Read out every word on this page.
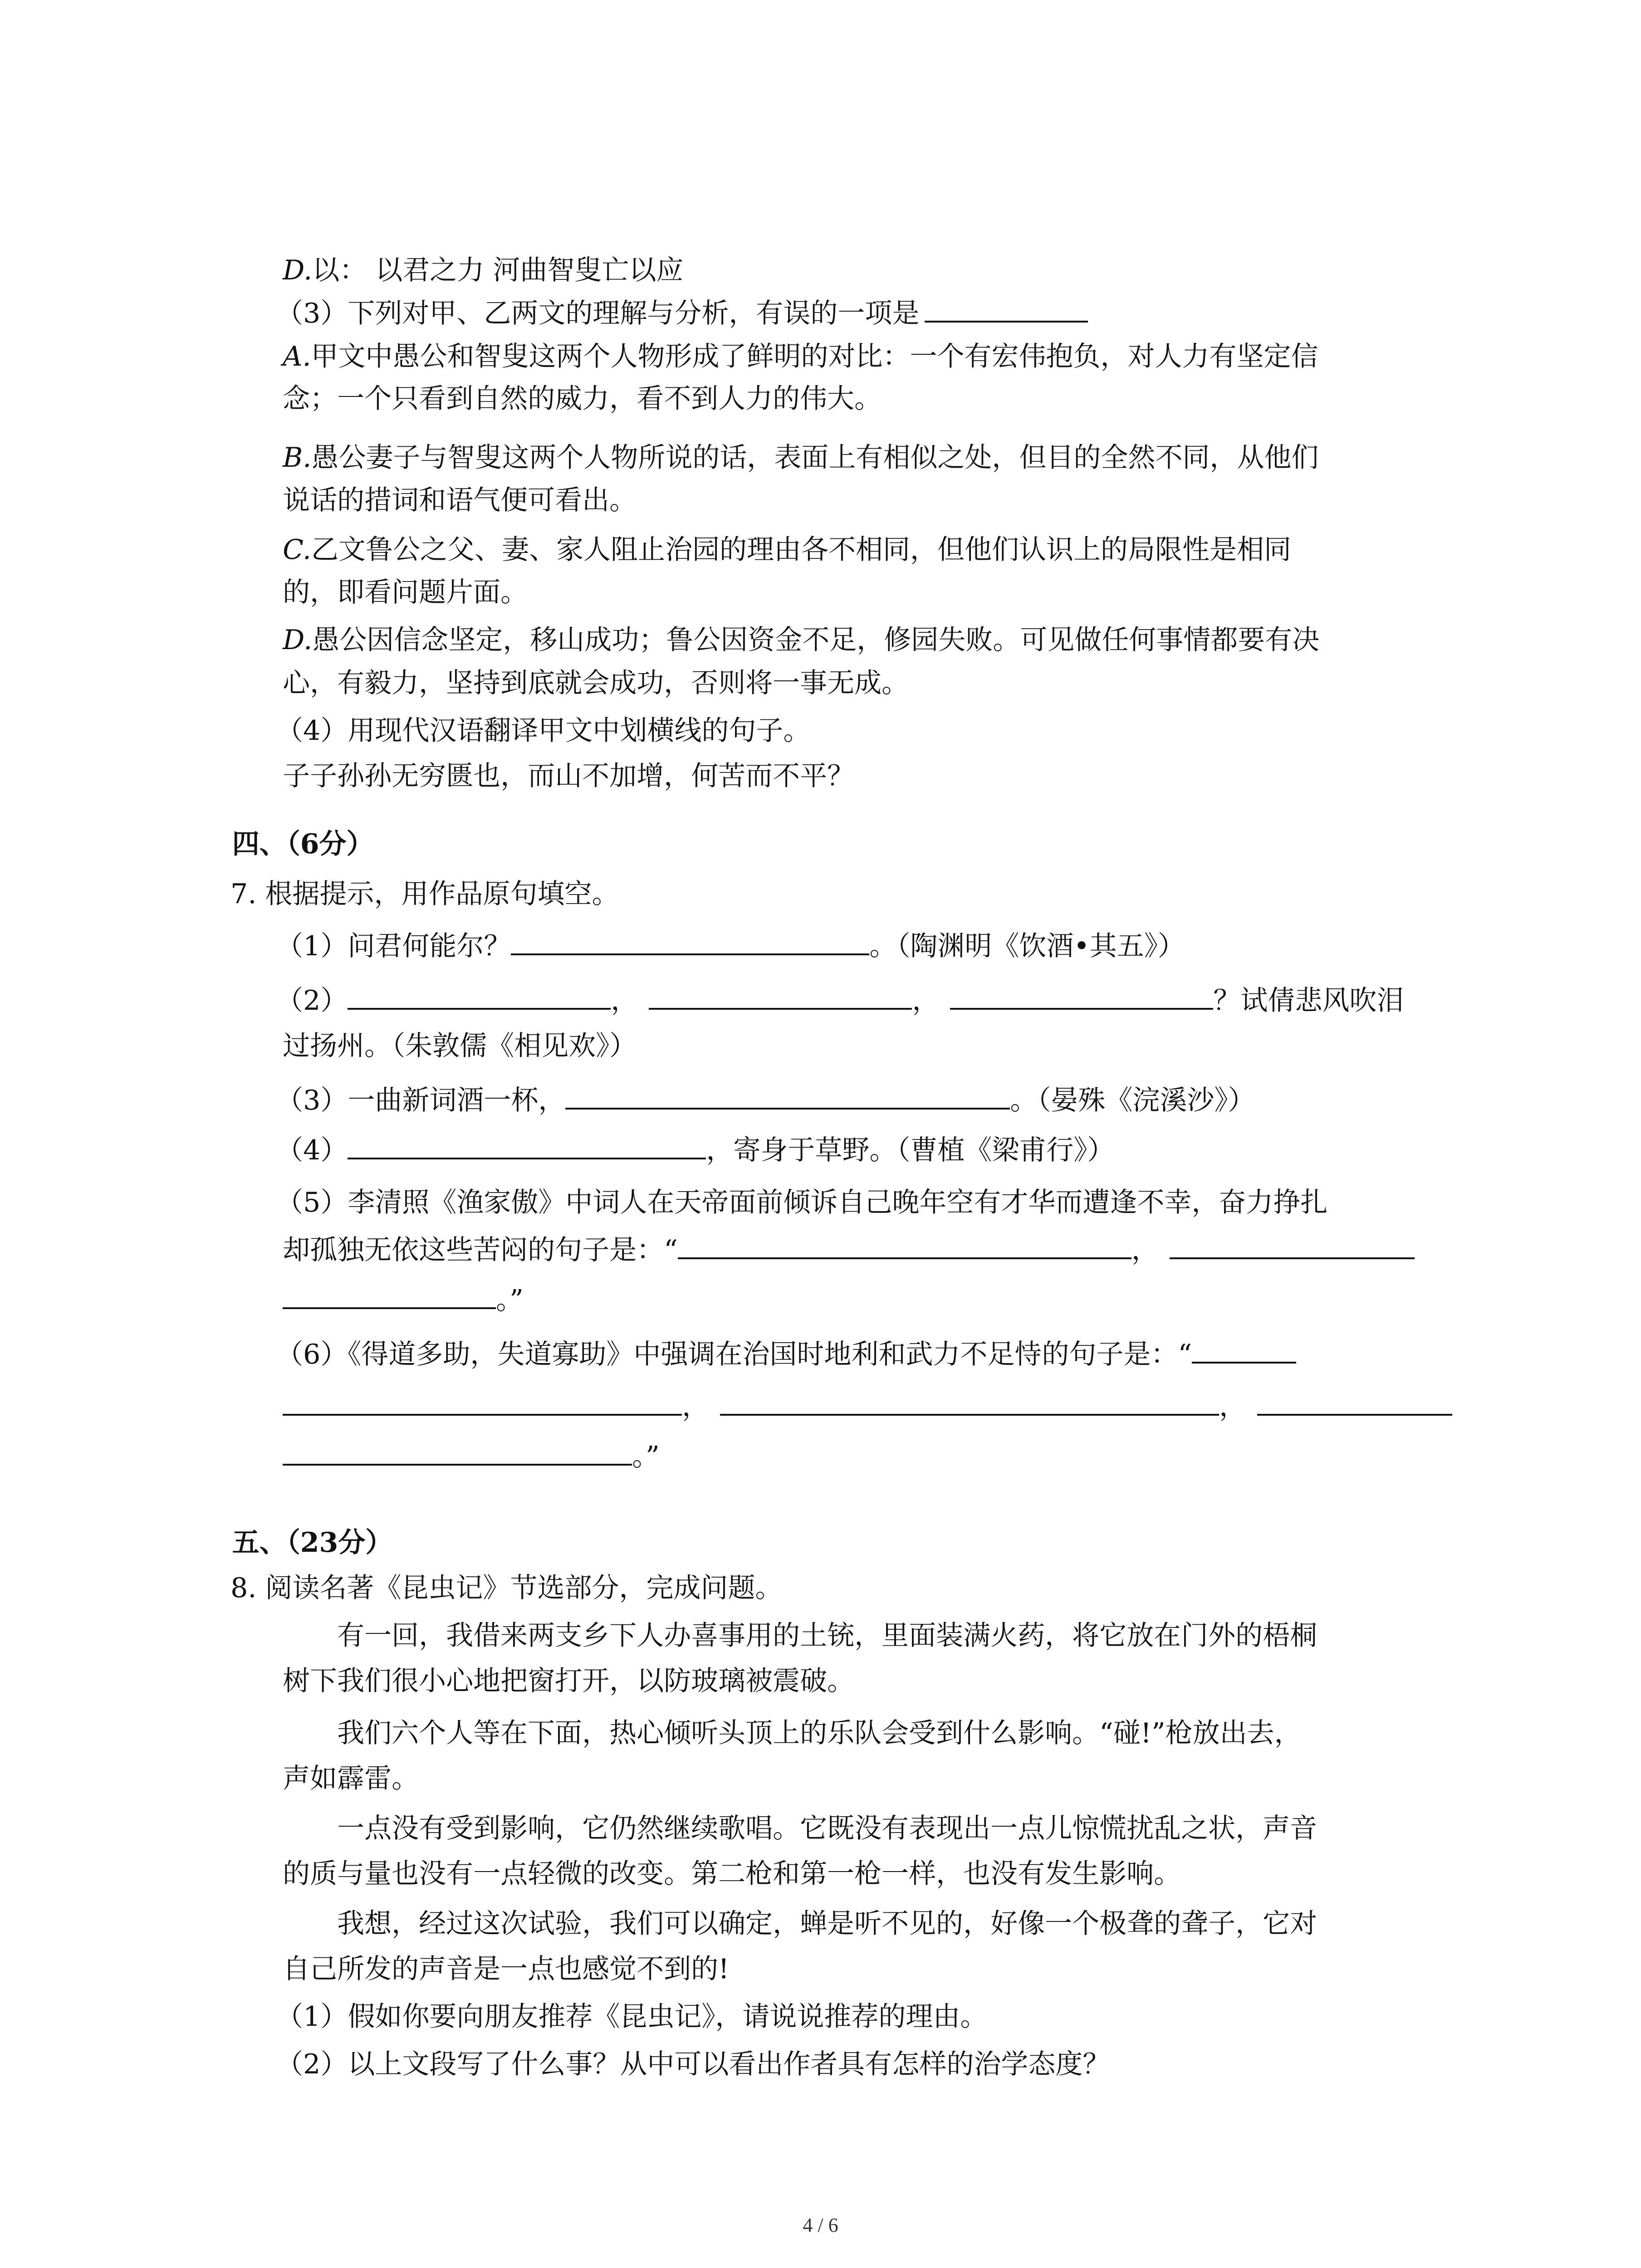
D.以： 以君之力 河曲智叟亡以应

（3）下列对甲、乙两文的理解与分析，有误的一项是

A.甲文中愚公和智叟这两个人物形成了鲜明的对比：一个有宏伟抱负，对人力有坚定信

念；一个只看到自然的威力，看不到人力的伟大。

B.愚公妻子与智叟这两个人物所说的话，表面上有相似之处，但目的全然不同，从他们

说话的措词和语气便可看出。

C.乙文鲁公之父、妻、家人阻止治园的理由各不相同，但他们认识上的局限性是相同

的，即看问题片面。

D.愚公因信念坚定，移山成功；鲁公因资金不足，修园失败。可见做任何事情都要有决

心，有毅力，坚持到底就会成功，否则将一事无成。

（4）用现代汉语翻译甲文中划横线的句子。

子子孙孙无穷匮也，而山不加增，何苦而不平？

四、（6分）

7. 根据提示，用作品原句填空。

（1）问君何能尔？	。（陶渊明《饮酒•其五》）

（2）	，	，	？试倩悲风吹泪

过扬州。（朱敦儒《相见欢》）

（3）一曲新词酒一杯，	。（晏殊《浣溪沙》）

（4）	，寄身于草野。（曹植《梁甫行》）

（5）李清照《渔家傲》中词人在天帝面前倾诉自己晚年空有才华而遭逢不幸，奋力挣扎

却孤独无依这些苦闷的句子是：“	，

。”

（6）《得道多助，失道寡助》中强调在治国时地利和武力不足恃的句子是：“

，	，

。”

五、（23分）

8. 阅读名著《昆虫记》节选部分，完成问题。

有一回，我借来两支乡下人办喜事用的土铳，里面装满火药，将它放在门外的梧桐

树下我们很小心地把窗打开，以防玻璃被震破。

我们六个人等在下面，热心倾听头顶上的乐队会受到什么影响。“碰!”枪放出去，

声如霹雷。

一点没有受到影响，它仍然继续歌唱。它既没有表现出一点儿惊慌扰乱之状，声音

的质与量也没有一点轻微的改变。第二枪和第一枪一样，也没有发生影响。

我想，经过这次试验，我们可以确定，蝉是听不见的，好像一个极聋的聋子，它对

自己所发的声音是一点也感觉不到的!

（1）假如你要向朋友推荐《昆虫记》，请说说推荐的理由。

（2）以上文段写了什么事？从中可以看出作者具有怎样的治学态度？

4 / 6
